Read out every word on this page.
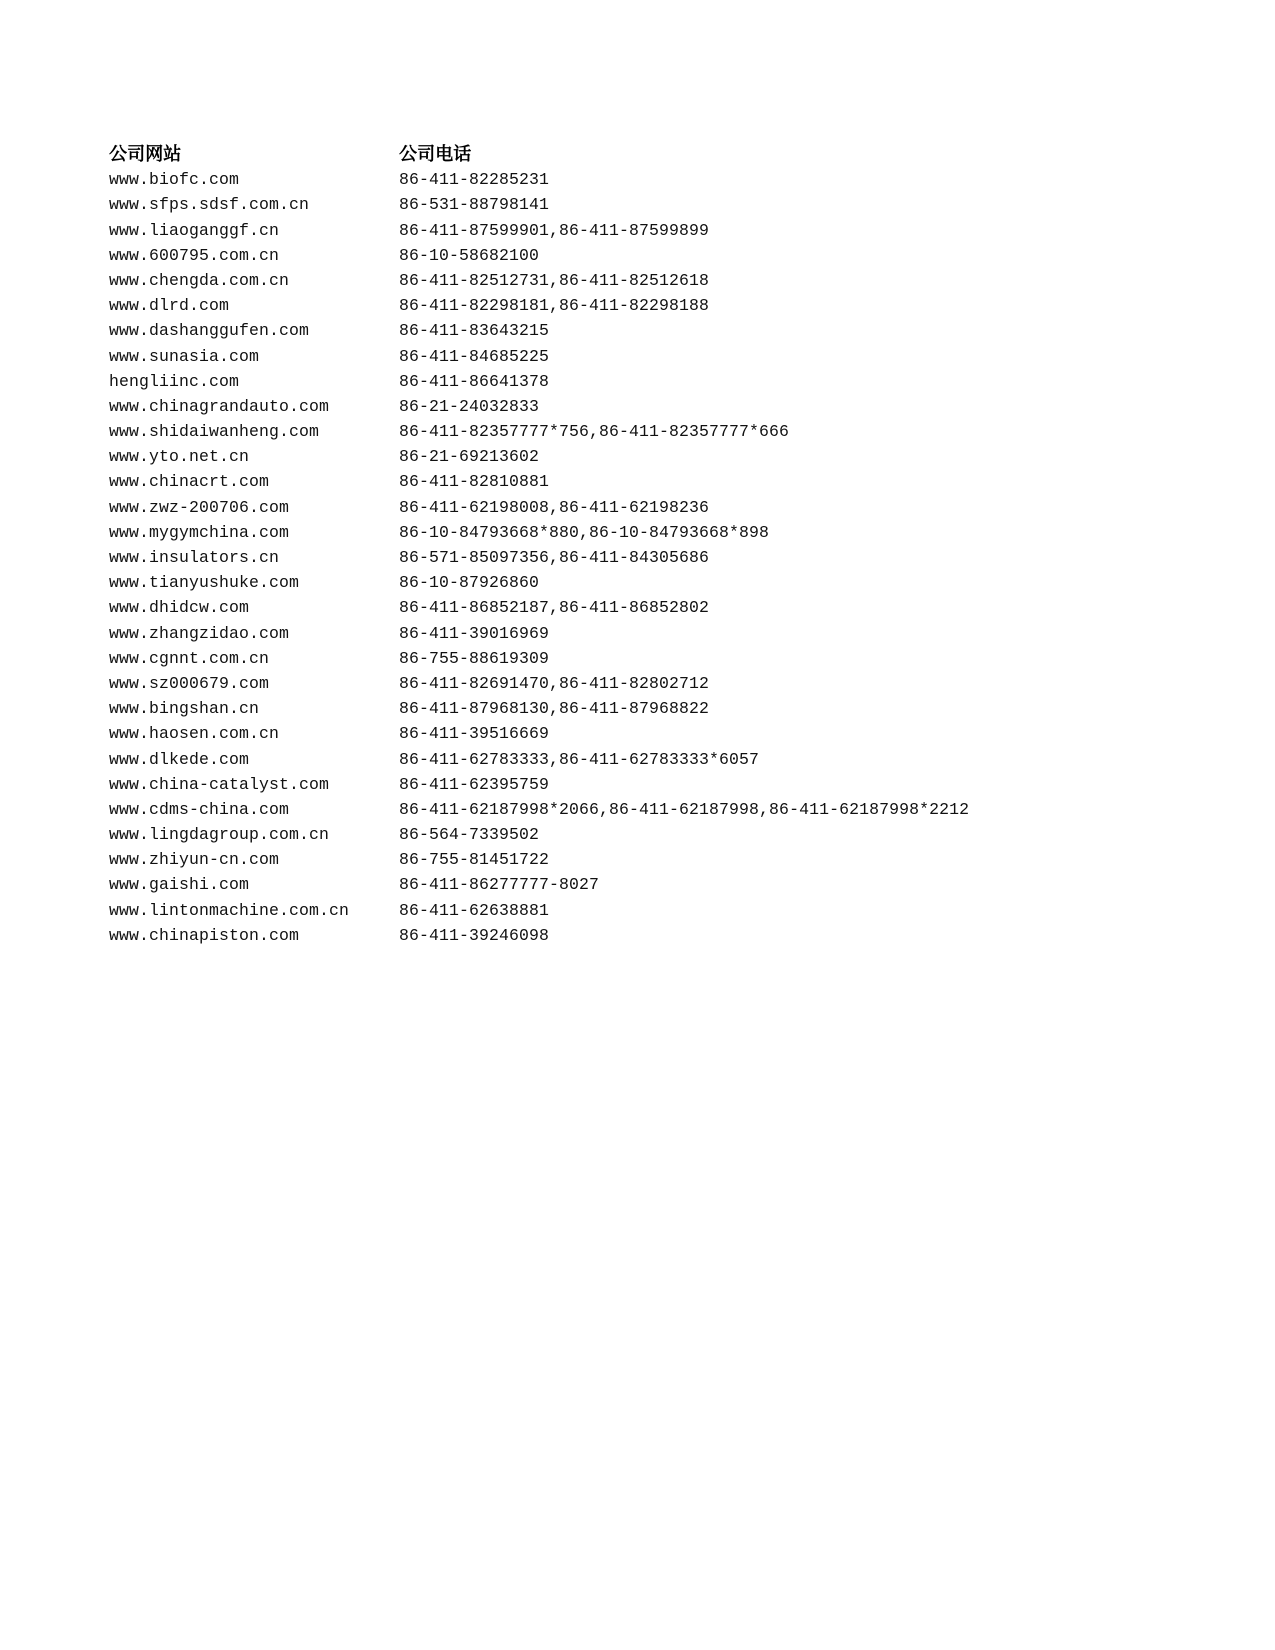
公司网站	公司电话
www.biofc.com	86-411-82285231
www.sfps.sdsf.com.cn	86-531-88798141
www.liaoganggf.cn	86-411-87599901,86-411-87599899
www.600795.com.cn	86-10-58682100
www.chengda.com.cn	86-411-82512731,86-411-82512618
www.dlrd.com	86-411-82298181,86-411-82298188
www.dashanggufen.com	86-411-83643215
www.sunasia.com	86-411-84685225
hengliinc.com	86-411-86641378
www.chinagrandauto.com	86-21-24032833
www.shidaiwanheng.com	86-411-82357777*756,86-411-82357777*666
www.yto.net.cn	86-21-69213602
www.chinacrt.com	86-411-82810881
www.zwz-200706.com	86-411-62198008,86-411-62198236
www.mygymchina.com	86-10-84793668*880,86-10-84793668*898
www.insulators.cn	86-571-85097356,86-411-84305686
www.tianyushuke.com	86-10-87926860
www.dhidcw.com	86-411-86852187,86-411-86852802
www.zhangzidao.com	86-411-39016969
www.cgnnt.com.cn	86-755-88619309
www.sz000679.com	86-411-82691470,86-411-82802712
www.bingshan.cn	86-411-87968130,86-411-87968822
www.haosen.com.cn	86-411-39516669
www.dlkede.com	86-411-62783333,86-411-62783333*6057
www.china-catalyst.com	86-411-62395759
www.cdms-china.com	86-411-62187998*2066,86-411-62187998,86-411-62187998*2212
www.lingdagroup.com.cn	86-564-7339502
www.zhiyun-cn.com	86-755-81451722
www.gaishi.com	86-411-86277777-8027
www.lintonmachine.com.cn	86-411-62638881
www.chinapiston.com	86-411-39246098
